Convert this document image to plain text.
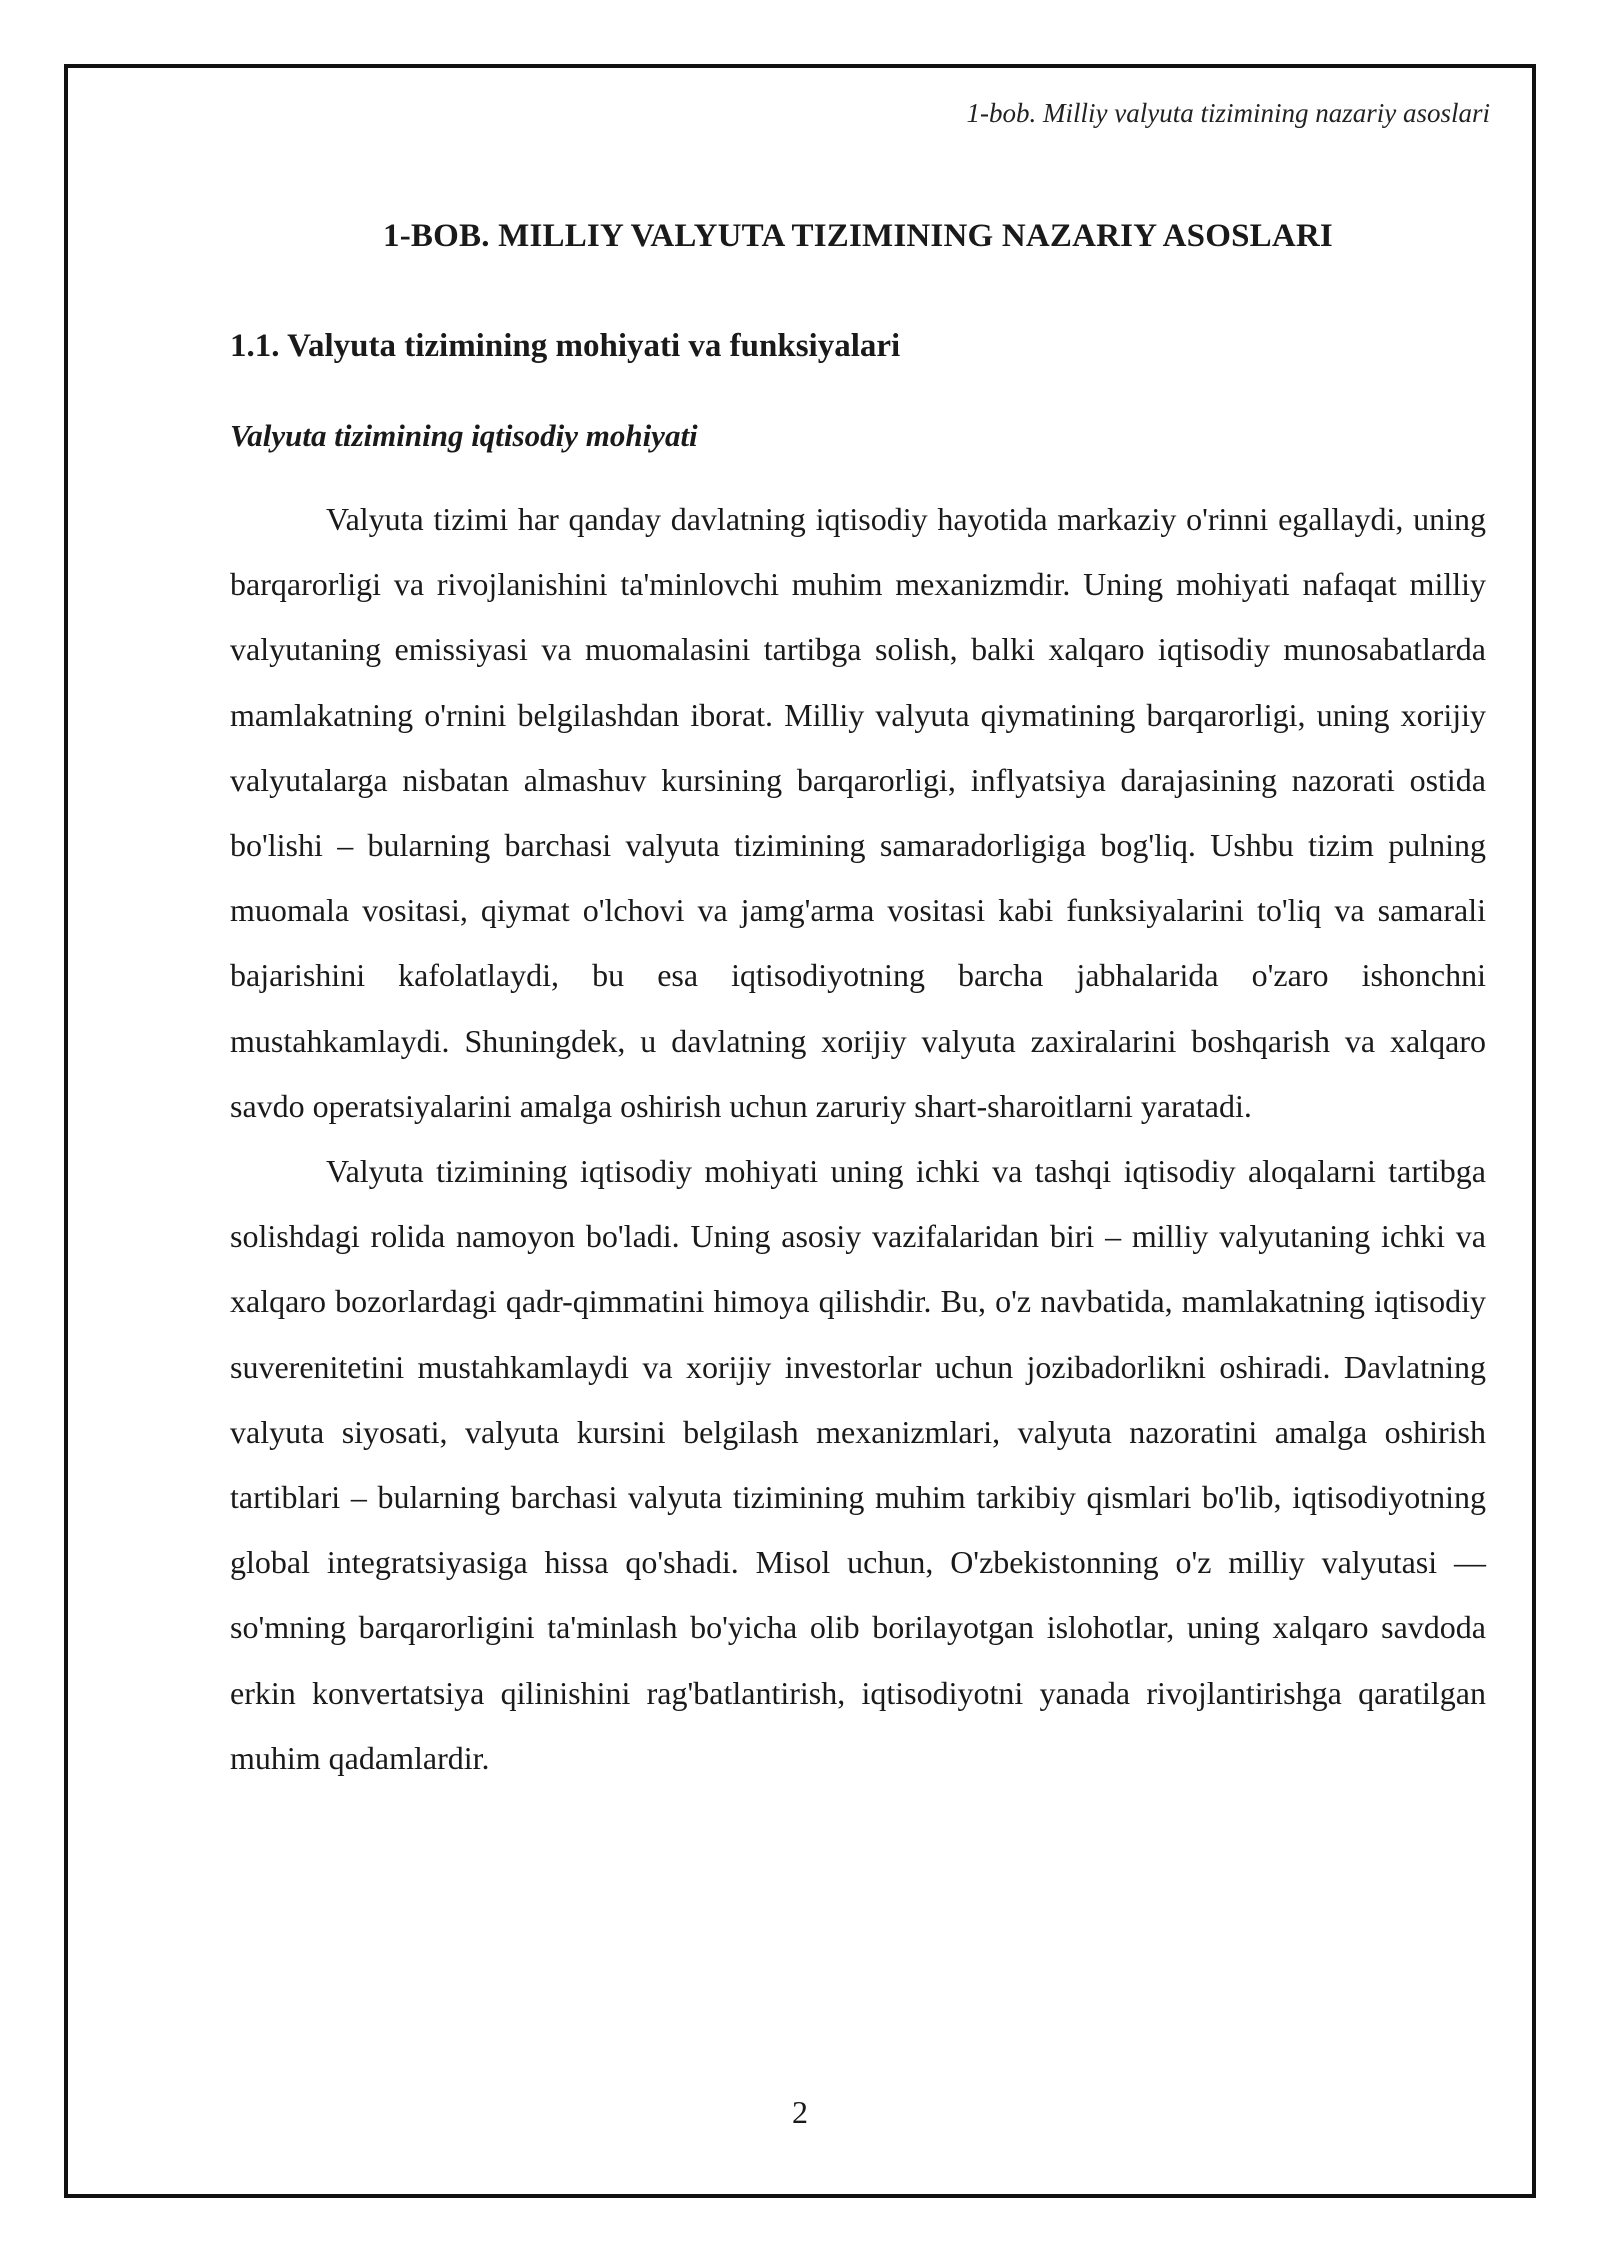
1-bob. Milliy valyuta tizimining nazariy asoslari
1-BOB. MILLIY VALYUTA TIZIMINING NAZARIY ASOSLARI
1.1. Valyuta tizimining mohiyati va funksiyalari
Valyuta tizimining iqtisodiy mohiyati

Valyuta tizimi har qanday davlatning iqtisodiy hayotida markaziy o'rinni egallaydi, uning barqarorligi va rivojlanishini ta'minlovchi muhim mexanizmdir. Uning mohiyati nafaqat milliy valyutaning emissiyasi va muomalasini tartibga solish, balki xalqaro iqtisodiy munosabatlarda mamlakatning o'rnini belgilashdan iborat. Milliy valyuta qiymatining barqarorligi, uning xorijiy valyutalarga nisbatan almashuv kursining barqarorligi, inflyatsiya darajasining nazorati ostida bo'lishi – bularning barchasi valyuta tizimining samaradorligiga bog'liq. Ushbu tizim pulning muomala vositasi, qiymat o'lchovi va jamg'arma vositasi kabi funksiyalarini to'liq va samarali bajarishini kafolatlaydi, bu esa iqtisodiyotning barcha jabhalarida o'zaro ishonchni mustahkamlaydi. Shuningdek, u davlatning xorijiy valyuta zaxiralarini boshqarish va xalqaro savdo operatsiyalarini amalga oshirish uchun zaruriy shart-sharoitlarni yaratadi.

Valyuta tizimining iqtisodiy mohiyati uning ichki va tashqi iqtisodiy aloqalarni tartibga solishdagi rolida namoyon bo'ladi. Uning asosiy vazifalaridan biri – milliy valyutaning ichki va xalqaro bozorlardagi qadr-qimmatini himoya qilishdir. Bu, o'z navbatida, mamlakatning iqtisodiy suverenitetini mustahkamlaydi va xorijiy investorlar uchun jozibadorlikni oshiradi. Davlatning valyuta siyosati, valyuta kursini belgilash mexanizmlari, valyuta nazoratini amalga oshirish tartiblari – bularning barchasi valyuta tizimining muhim tarkibiy qismlari bo'lib, iqtisodiyotning global integratsiyasiga hissa qo'shadi. Misol uchun, O'zbekistonning o'z milliy valyutasi — so'mning barqarorligini ta'minlash bo'yicha olib borilayotgan islohotlar, uning xalqaro savdoda erkin konvertatsiya qilinishini rag'batlantirish, iqtisodiyotni yanada rivojlantirishga qaratilgan muhim qadamlardir.

2
